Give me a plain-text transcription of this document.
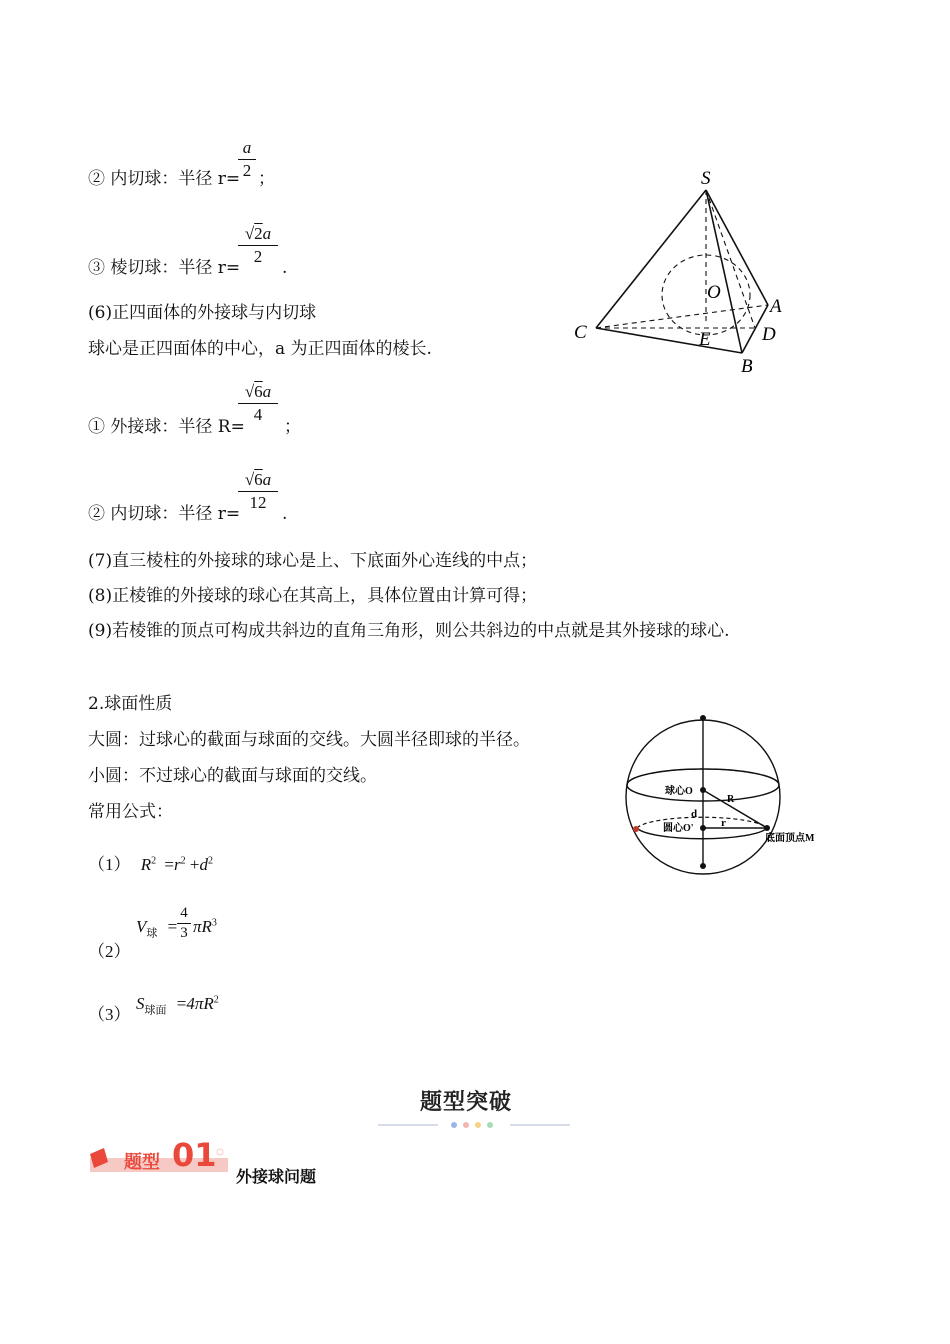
② 内切球：半径 r=
a
2 ；
③ 棱切球：半径 r=
√2a
2
.
(6)正四面体的外接球与内切球
球心是正四面体的中心，a 为正四面体的棱长.
① 外接球：半径 R=
√6a
4
；
② 内切球：半径 r=
√6a
12
.
(7)直三棱柱的外接球的球心是上、下底面外心连线的中点；
(8)正棱锥的外接球的球心在其高上，具体位置由计算可得；
(9)若棱锥的顶点可构成共斜边的直角三角形，则公共斜边的中点就是其外接球的球心.
2.球面性质
大圆：过球心的截面与球面的交线。大圆半径即球的半径。
小圆：不过球心的截面与球面的交线。
常用公式：
（1） $R^2 =r^2 +d^2$
（2）
$V_球$ =
4
3 $\pi R^3$
（3）
$S_{球面} =4\pi R^2$
S
O
A
C	E	D
B
球心O
R
d
圆心O' r
底面顶点M
题型突破
题型 01
外接球问题
